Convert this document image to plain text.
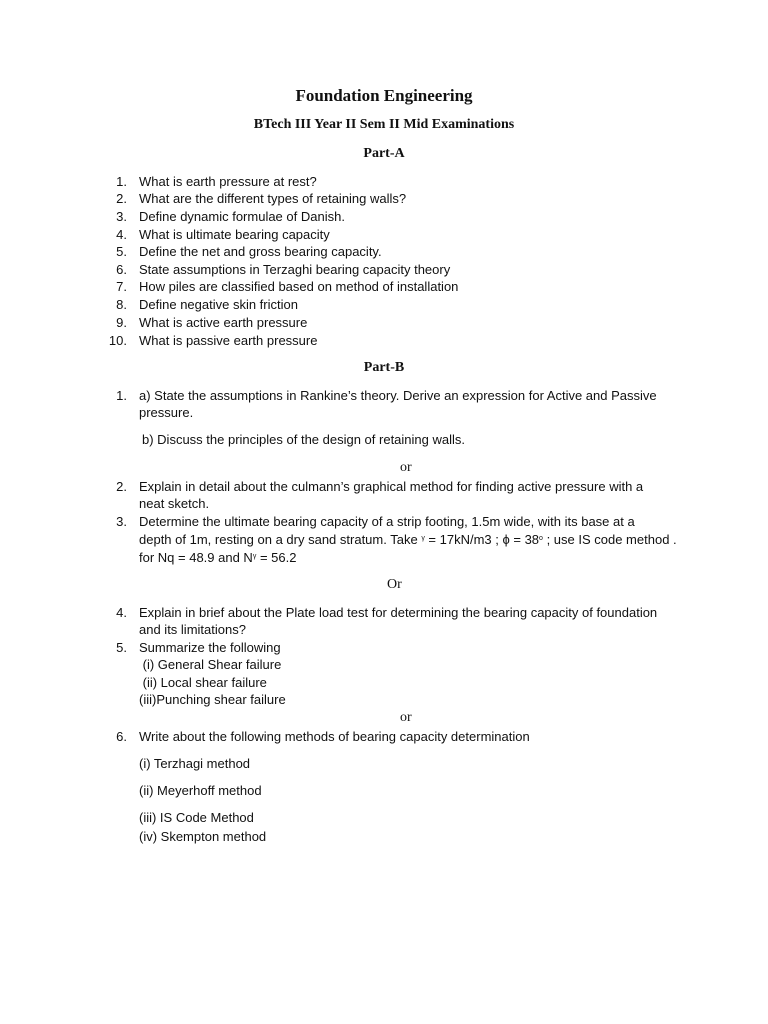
Foundation Engineering
BTech III Year II Sem II Mid Examinations
Part-A
1. What is earth pressure at rest?
2. What are the different types of retaining walls?
3. Define dynamic formulae of Danish.
4. What is ultimate bearing capacity
5. Define the net and gross bearing capacity.
6. State assumptions in Terzaghi bearing capacity theory
7. How piles are classified based on method of installation
8. Define negative skin friction
9. What is active earth pressure
10. What is passive earth pressure
Part-B
1. a) State the assumptions in Rankine’s theory. Derive an expression for Active and Passive
pressure.
b) Discuss the principles of the design of retaining walls.
or
2. Explain in detail about the culmann’s graphical method for finding active pressure with a
neat sketch.
3. Determine the ultimate bearing capacity of a strip footing, 1.5m wide, with its base at a
depth of 1m, resting on a dry sand stratum. Take $^\gamma$ = 17kN/m3 ; $\phi = 38^o$ ; use IS code method .
for Nq = 48.9 and $N^\gamma = 56.2$
Or
4. Explain in brief about the Plate load test for determining the bearing capacity of foundation
and its limitations?
5. Summarize the following
(i) General Shear failure
(ii) Local shear failure
(iii)Punching shear failure
or
6. Write about the following methods of bearing capacity determination
(i) Terzhagi method
(ii) Meyerhoff method
(iii) IS Code Method
(iv) Skempton method
